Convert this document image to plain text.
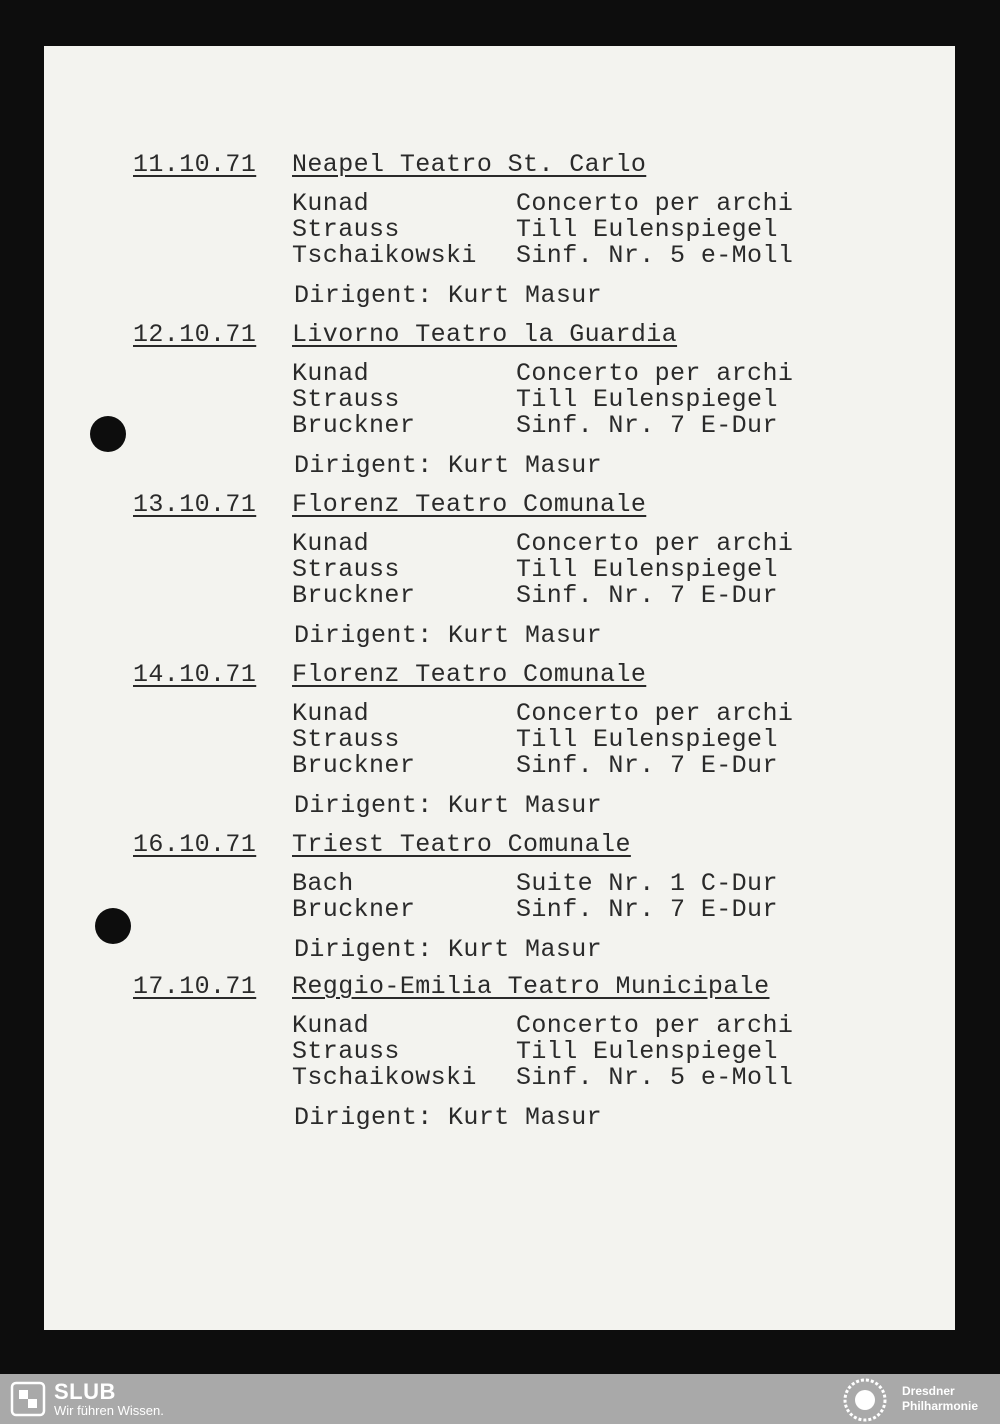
11.10.71 Neapel Teatro St. Carlo
Kunad	Concerto per archi
Strauss	Till Eulenspiegel
Tschaikowski Sinf. Nr. 5 e-Moll
Dirigent: Kurt Masur
12.10.71 Livorno Teatro la Guardia
Kunad	Concerto per archi
Strauss	Till Eulenspiegel
Bruckner	Sinf. Nr. 7 E-Dur
Dirigent: Kurt Masur
13.10.71 Florenz Teatro Comunale
Kunad	Concerto per archi
Strauss	Till Eulenspiegel
Bruckner	Sinf. Nr. 7 E-Dur
Dirigent: Kurt Masur
14.10.71 Florenz Teatro Comunale
Kunad	Concerto per archi
Strauss	Till Eulenspiegel
Bruckner	Sinf. Nr. 7 E-Dur
Dirigent: Kurt Masur
16.10.71 Triest Teatro Comunale
Bach	Suite Nr. 1 C-Dur
Bruckner	Sinf. Nr. 7 E-Dur
Dirigent: Kurt Masur
17.10.71 Reggio-Emilia Teatro Municipale
Kunad	Concerto per archi
Strauss	Till Eulenspiegel
Tschaikowski Sinf. Nr. 5 e-Moll
Dirigent: Kurt Masur
SLUB
Wir führen Wissen.
Dresdner
Philharmonie
